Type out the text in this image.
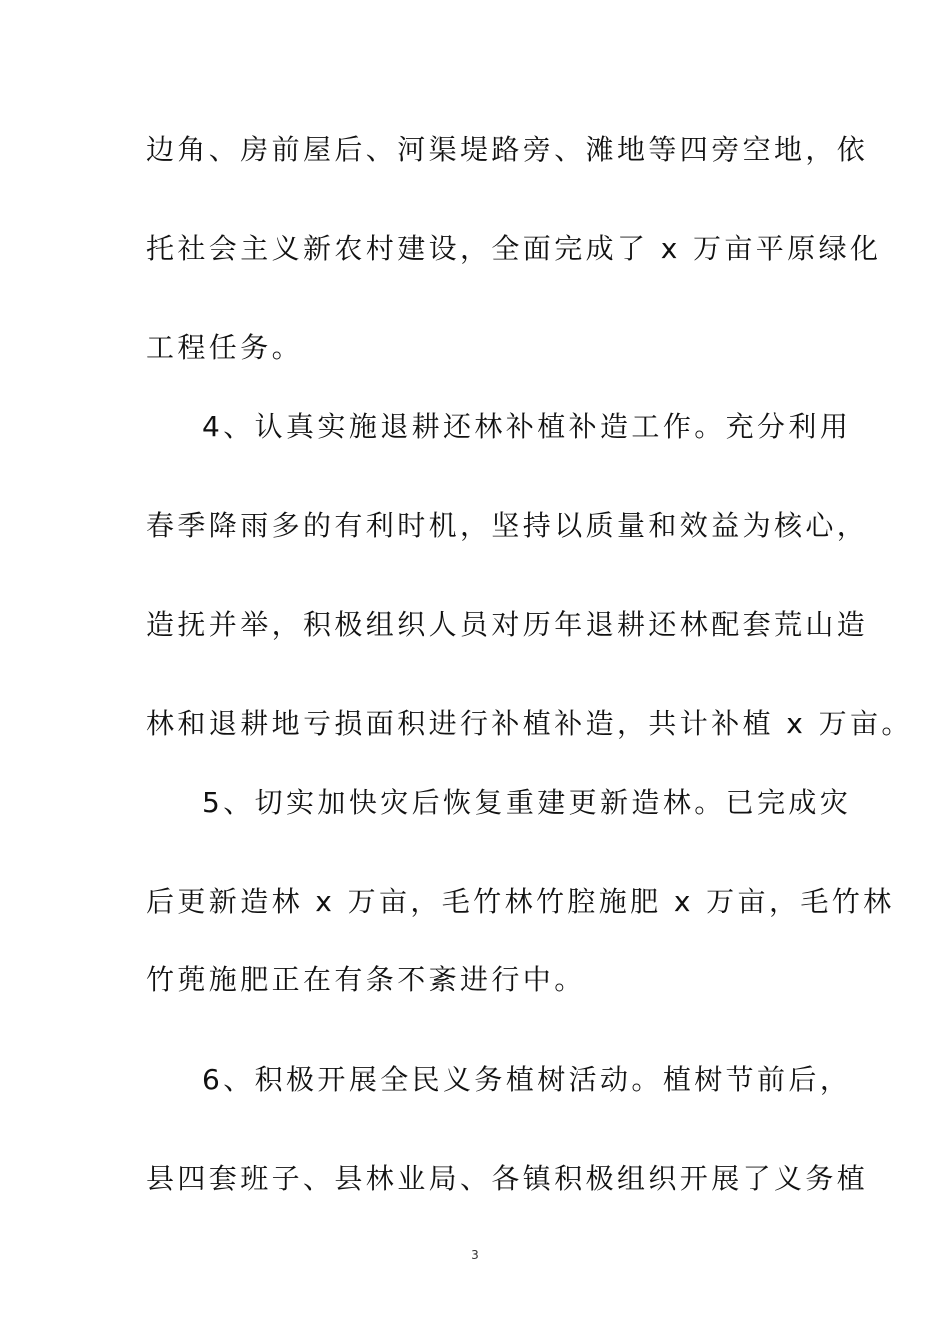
边角、房前屋后、河渠堤路旁、滩地等四旁空地，依
托社会主义新农村建设，全面完成了 x 万亩平原绿化
工程任务。
4、认真实施退耕还林补植补造工作。充分利用
春季降雨多的有利时机，坚持以质量和效益为核心，
造抚并举，积极组织人员对历年退耕还林配套荒山造
林和退耕地亏损面积进行补植补造，共计补植 x 万亩。
5、切实加快灾后恢复重建更新造林。已完成灾
后更新造林 x 万亩，毛竹林竹腔施肥 x 万亩，毛竹林
竹蔸施肥正在有条不紊进行中。
6、积极开展全民义务植树活动。植树节前后，
县四套班子、县林业局、各镇积极组织开展了义务植
3
